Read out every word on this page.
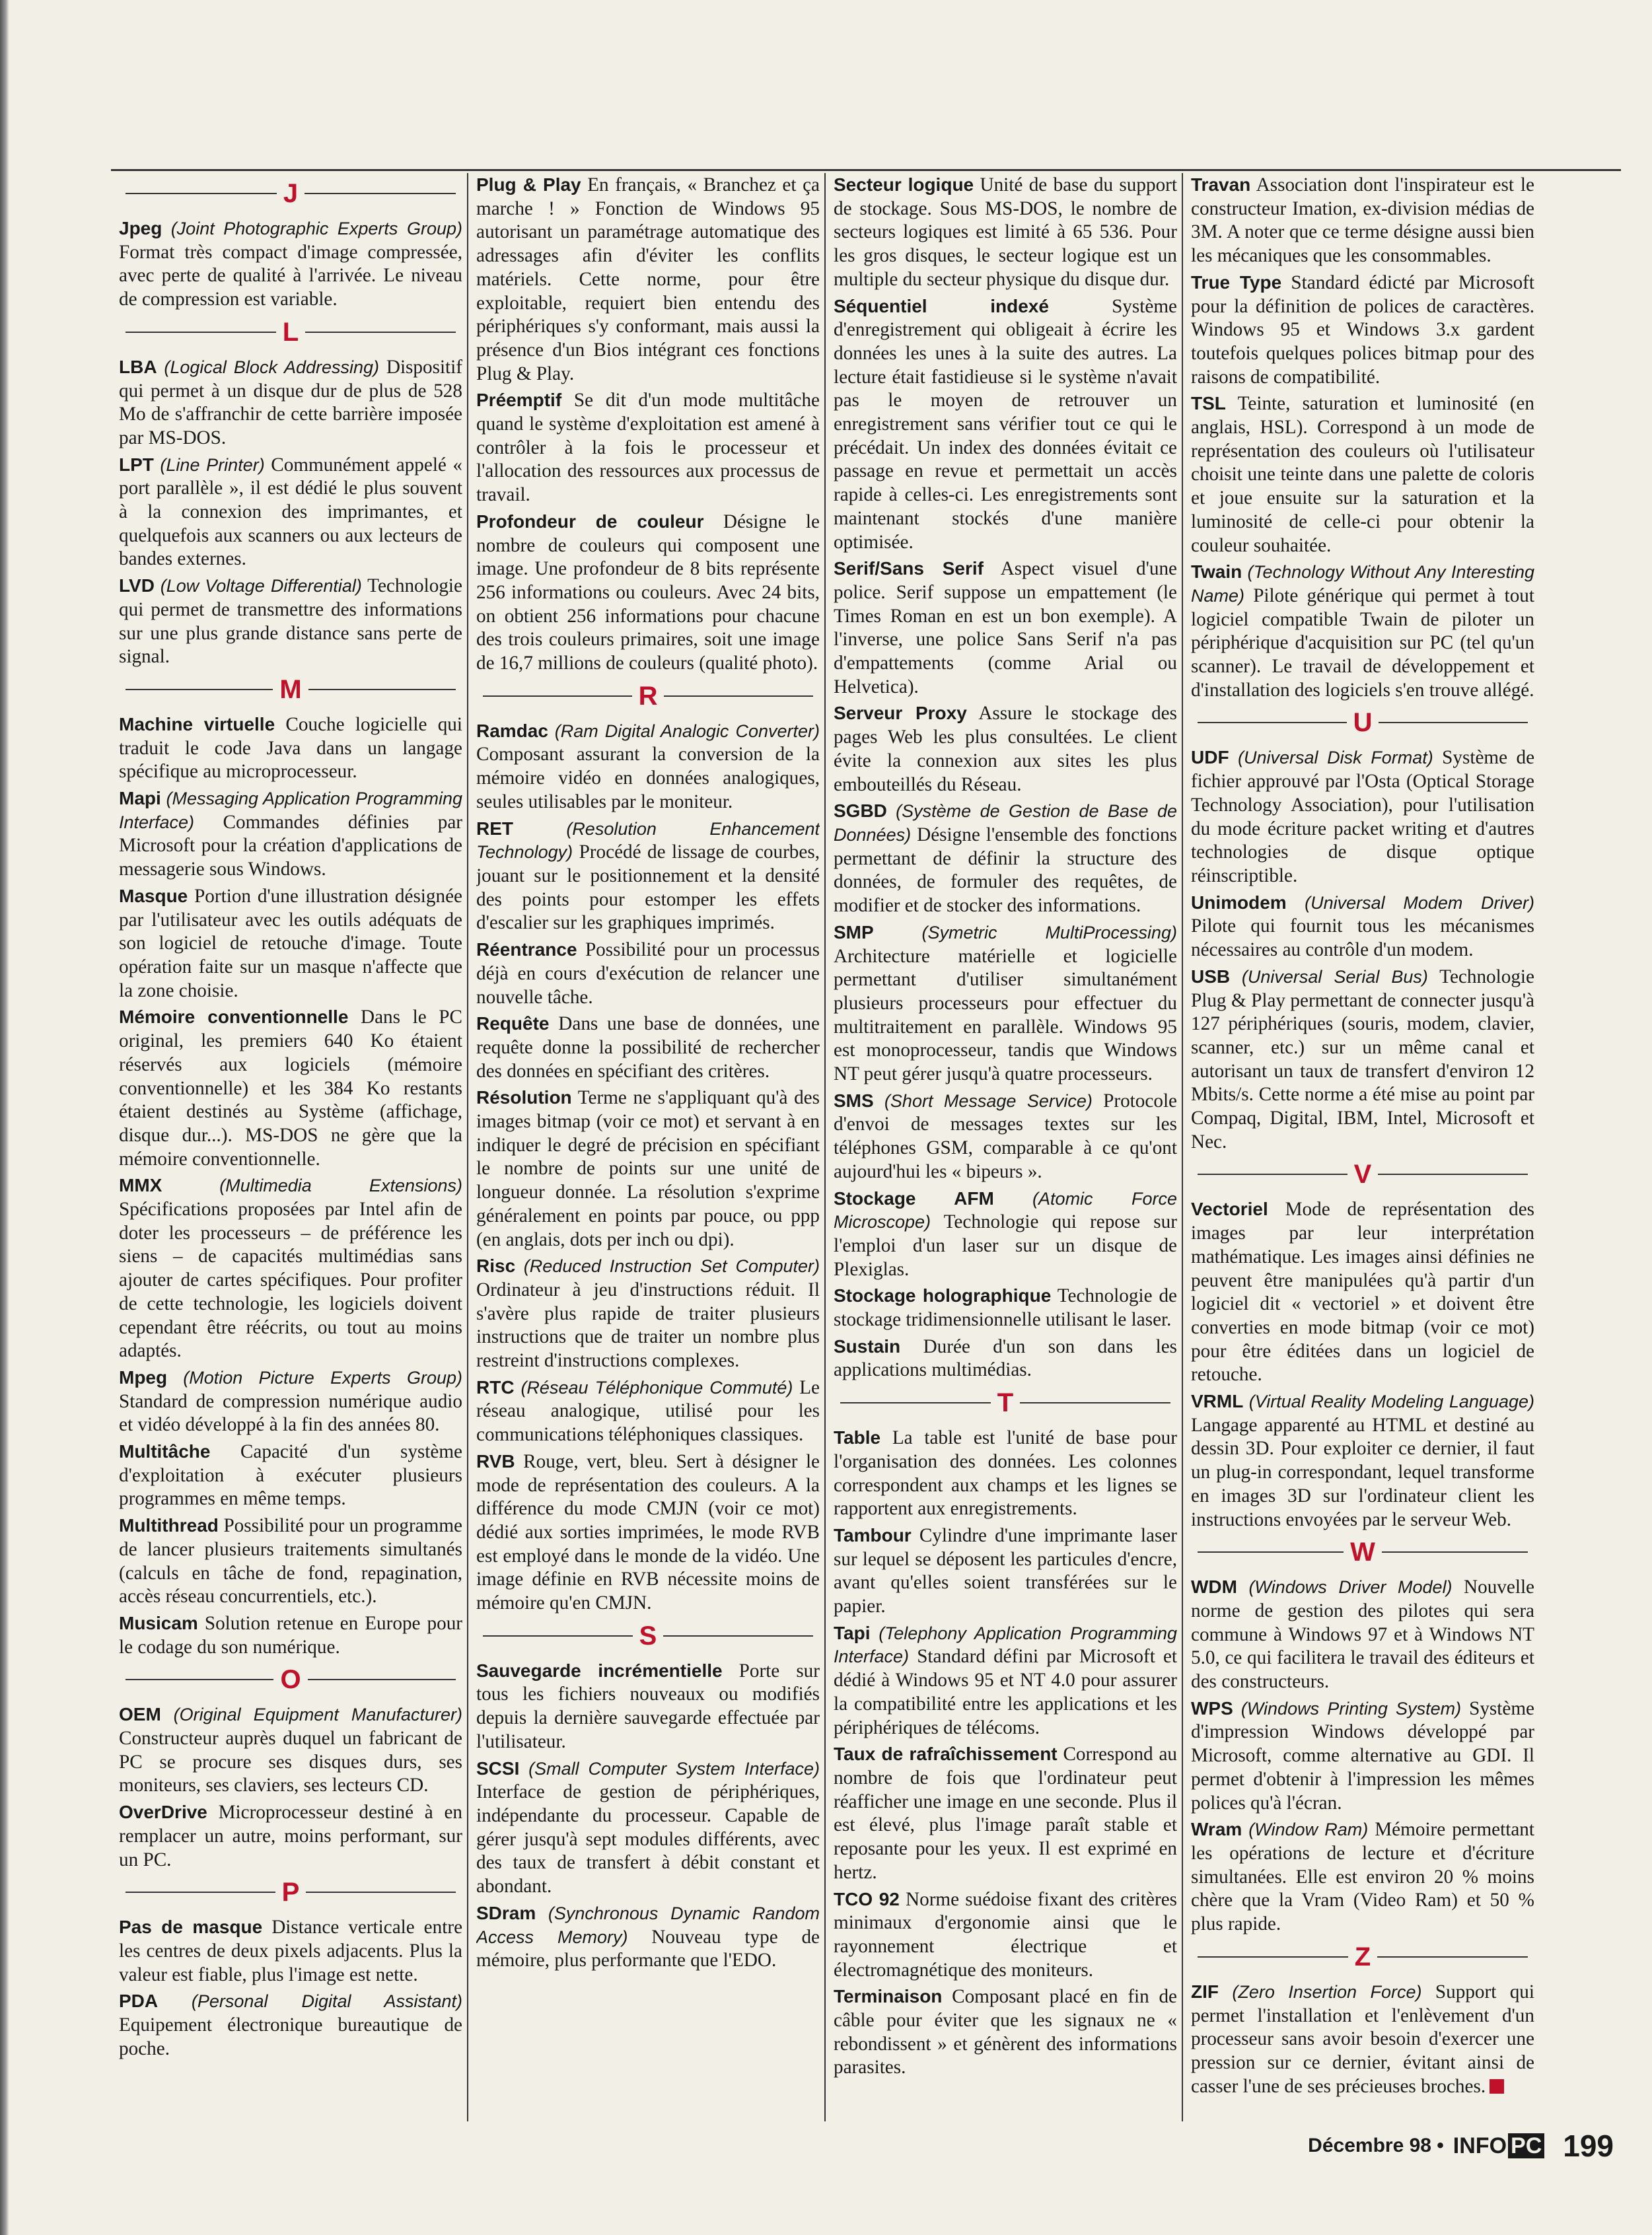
J

Jpeg (Joint Photographic Experts Group) Format très compact d'image compressée, avec perte de qualité à l'arrivée. Le niveau de compression est variable.

L

LBA (Logical Block Addressing) Dispositif qui permet à un disque dur de plus de 528 Mo de s'affranchir de cette barrière imposée par MS-DOS.

LPT (Line Printer) Communément appelé « port parallèle », il est dédié le plus souvent à la connexion des imprimantes, et quelquefois aux scanners ou aux lecteurs de bandes externes.

LVD (Low Voltage Differential) Technologie qui permet de transmettre des informations sur une plus grande distance sans perte de signal.

M

Machine virtuelle Couche logicielle qui traduit le code Java dans un langage spécifique au microprocesseur.

Mapi (Messaging Application Programming Interface) Commandes définies par Microsoft pour la création d'applications de messagerie sous Windows.

Masque Portion d'une illustration désignée par l'utilisateur avec les outils adéquats de son logiciel de retouche d'image. Toute opération faite sur un masque n'affecte que la zone choisie.

Mémoire conventionnelle Dans le PC original, les premiers 640 Ko étaient réservés aux logiciels (mémoire conventionnelle) et les 384 Ko restants étaient destinés au Système (affichage, disque dur...). MS-DOS ne gère que la mémoire conventionnelle.

MMX	(Multimedia Extensions) Spécifications proposées par Intel afin de doter les processeurs – de préférence les siens – de capacités multimédias sans ajouter de cartes spécifiques. Pour profiter de cette technologie, les logiciels doivent cependant être réécrits, ou tout au moins adaptés.

Mpeg (Motion Picture Experts Group) Standard de compression numérique audio et vidéo développé à la fin des années 80.

Multitâche Capacité d'un système d'exploitation à exécuter plusieurs programmes en même temps.

Multithread Possibilité pour un programme de lancer plusieurs traitements simultanés (calculs en tâche de fond, repagination, accès réseau concurrentiels, etc.).

Musicam Solution retenue en Europe pour le codage du son numérique.

O

OEM (Original Equipment Manufacturer) Constructeur auprès duquel un fabricant de PC se procure ses disques durs, ses moniteurs, ses claviers, ses lecteurs CD.

OverDrive Microprocesseur destiné à en remplacer un autre, moins performant, sur un PC.

P

Pas de masque Distance verticale entre les centres de deux pixels adjacents. Plus la valeur est fiable, plus l'image est nette.

PDA (Personal Digital Assistant) Equipement électronique bureautique de poche.

Plug & Play En français, « Branchez et ça marche ! » Fonction de Windows 95 autorisant un paramétrage automatique des adressages afin d'éviter les conflits matériels. Cette norme, pour être exploitable, requiert bien entendu des périphériques s'y conformant, mais aussi la présence d'un Bios intégrant ces fonctions Plug & Play.

Préemptif Se dit d'un mode multitâche quand le système d'exploitation est amené à contrôler à la fois le processeur et l'allocation des ressources aux processus de travail.

Profondeur de couleur Désigne le nombre de couleurs qui composent une image. Une profondeur de 8 bits représente 256 informations ou couleurs. Avec 24 bits, on obtient 256 informations pour chacune des trois couleurs primaires, soit une image de 16,7 millions de couleurs (qualité photo).

R

Ramdac (Ram Digital Analogic Converter) Composant assurant la conversion de la mémoire vidéo en données analogiques, seules utilisables par le moniteur.

RET	(Resolution Enhancement Technology) Procédé de lissage de courbes, jouant sur le positionnement et la densité des points pour estomper les effets d'escalier sur les graphiques imprimés.

Réentrance Possibilité pour un processus déjà en cours d'exécution de relancer une nouvelle tâche.

Requête Dans une base de données, une requête donne la possibilité de rechercher des données en spécifiant des critères.

Résolution Terme ne s'appliquant qu'à des images bitmap (voir ce mot) et servant à en indiquer le degré de précision en spécifiant le nombre de points sur une unité de longueur donnée. La résolution s'exprime généralement en points par pouce, ou ppp (en anglais, dots per inch ou dpi).

Risc (Reduced Instruction Set Computer) Ordinateur à jeu d'instructions réduit. Il s'avère plus rapide de traiter plusieurs instructions que de traiter un nombre plus restreint d'instructions complexes.

RTC (Réseau Téléphonique Commuté) Le réseau analogique, utilisé pour les communications téléphoniques classiques.

RVB Rouge, vert, bleu. Sert à désigner le mode de représentation des couleurs. A la différence du mode CMJN (voir ce mot) dédié aux sorties imprimées, le mode RVB est employé dans le monde de la vidéo. Une image définie en RVB nécessite moins de mémoire qu'en CMJN.

S

Sauvegarde incrémentielle Porte sur tous les fichiers nouveaux ou modifiés depuis la dernière sauvegarde effectuée par l'utilisateur.

SCSI (Small Computer System Interface) Interface de gestion de périphériques, indépendante du processeur. Capable de gérer jusqu'à sept modules différents, avec des taux de transfert à débit constant et abondant.

SDram (Synchronous Dynamic Random Access Memory) Nouveau type de mémoire, plus performante que l'EDO.

Secteur logique Unité de base du support de stockage. Sous MS-DOS, le nombre de secteurs logiques est limité à 65 536. Pour les gros disques, le secteur logique est un multiple du secteur physique du disque dur.

Séquentiel indexé	Système d'enregistrement qui obligeait à écrire les données les unes à la suite des autres. La lecture était fastidieuse si le système n'avait pas le moyen de retrouver un enregistrement sans vérifier tout ce qui le précédait. Un index des données évitait ce passage en revue et permettait un accès rapide à celles-ci. Les enregistrements sont maintenant stockés d'une manière optimisée.

Serif/Sans Serif Aspect visuel d'une police. Serif suppose un empattement (le Times Roman en est un bon exemple). A l'inverse, une police Sans Serif n'a pas d'empattements (comme Arial ou Helvetica).

Serveur Proxy Assure le stockage des pages Web les plus consultées. Le client évite la connexion aux sites les plus embouteillés du Réseau.

SGBD (Système de Gestion de Base de Données) Désigne l'ensemble des fonctions permettant de définir la structure des données, de formuler des requêtes, de modifier et de stocker des informations.

SMP	(Symetric MultiProcessing) Architecture matérielle et logicielle permettant d'utiliser simultanément plusieurs processeurs pour effectuer du multitraitement en parallèle. Windows 95 est monoprocesseur, tandis que Windows NT peut gérer jusqu'à quatre processeurs.

SMS (Short Message Service) Protocole d'envoi de messages textes sur les téléphones GSM, comparable à ce qu'ont aujourd'hui les « bipeurs ».

Stockage AFM (Atomic Force Microscope) Technologie qui repose sur l'emploi d'un laser sur un disque de Plexiglas.

Stockage holographique Technologie de stockage tridimensionnelle utilisant le laser.

Sustain Durée d'un son dans les applications multimédias.

T

Table La table est l'unité de base pour l'organisation des données. Les colonnes correspondent aux champs et les lignes se rapportent aux enregistrements.

Tambour Cylindre d'une imprimante laser sur lequel se déposent les particules d'encre, avant qu'elles soient transférées sur le papier.

Tapi (Telephony Application Programming Interface) Standard défini par Microsoft et dédié à Windows 95 et NT 4.0 pour assurer la compatibilité entre les applications et les périphériques de télécoms.

Taux de rafraîchissement Correspond au nombre de fois que l'ordinateur peut réafficher une image en une seconde. Plus il est élevé, plus l'image paraît stable et reposante pour les yeux. Il est exprimé en hertz.

TCO 92 Norme suédoise fixant des critères minimaux d'ergonomie ainsi que le rayonnement électrique et électromagnétique des moniteurs.

Terminaison Composant placé en fin de câble pour éviter que les signaux ne « rebondissent » et génèrent des informations parasites.

Travan Association dont l'inspirateur est le constructeur Imation, ex-division médias de 3M. A noter que ce terme désigne aussi bien les mécaniques que les consommables.

True Type Standard édicté par Microsoft pour la définition de polices de caractères. Windows 95 et Windows 3.x gardent toutefois quelques polices bitmap pour des raisons de compatibilité.

TSL Teinte, saturation et luminosité (en anglais, HSL). Correspond à un mode de représentation des couleurs où l'utilisateur choisit une teinte dans une palette de coloris et joue ensuite sur la saturation et la luminosité de celle-ci pour obtenir la couleur souhaitée.

Twain (Technology Without Any Interesting Name) Pilote générique qui permet à tout logiciel compatible Twain de piloter un périphérique d'acquisition sur PC (tel qu'un scanner). Le travail de développement et d'installation des logiciels s'en trouve allégé.

U

UDF (Universal Disk Format) Système de fichier approuvé par l'Osta (Optical Storage Technology Association), pour l'utilisation du mode écriture packet writing et d'autres technologies de disque optique réinscriptible.

Unimodem (Universal Modem Driver) Pilote qui fournit tous les mécanismes nécessaires au contrôle d'un modem.

USB (Universal Serial Bus) Technologie Plug & Play permettant de connecter jusqu'à 127 périphériques (souris, modem, clavier, scanner, etc.) sur un même canal et autorisant un taux de transfert d'environ 12 Mbits/s. Cette norme a été mise au point par Compaq, Digital, IBM, Intel, Microsoft et Nec.

V

Vectoriel Mode de représentation des images par leur interprétation mathématique. Les images ainsi définies ne peuvent être manipulées qu'à partir d'un logiciel dit « vectoriel » et doivent être converties en mode bitmap (voir ce mot) pour être éditées dans un logiciel de retouche.

VRML (Virtual Reality Modeling Language) Langage apparenté au HTML et destiné au dessin 3D. Pour exploiter ce dernier, il faut un plug-in correspondant, lequel transforme en images 3D sur l'ordinateur client les instructions envoyées par le serveur Web.

W

WDM (Windows Driver Model) Nouvelle norme de gestion des pilotes qui sera commune à Windows 97 et à Windows NT 5.0, ce qui facilitera le travail des éditeurs et des constructeurs.

WPS (Windows Printing System) Système d'impression Windows développé par Microsoft, comme alternative au GDI. Il permet d'obtenir à l'impression les mêmes polices qu'à l'écran.

Wram (Window Ram) Mémoire permettant les opérations de lecture et d'écriture simultanées. Elle est environ 20 % moins chère que la Vram (Video Ram) et 50 % plus rapide.

Z

ZIF (Zero Insertion Force) Support qui permet l'installation et l'enlèvement d'un processeur sans avoir besoin d'exercer une pression sur ce dernier, évitant ainsi de casser l'une de ses précieuses broches.

Décembre 98 • INFO PC 199
